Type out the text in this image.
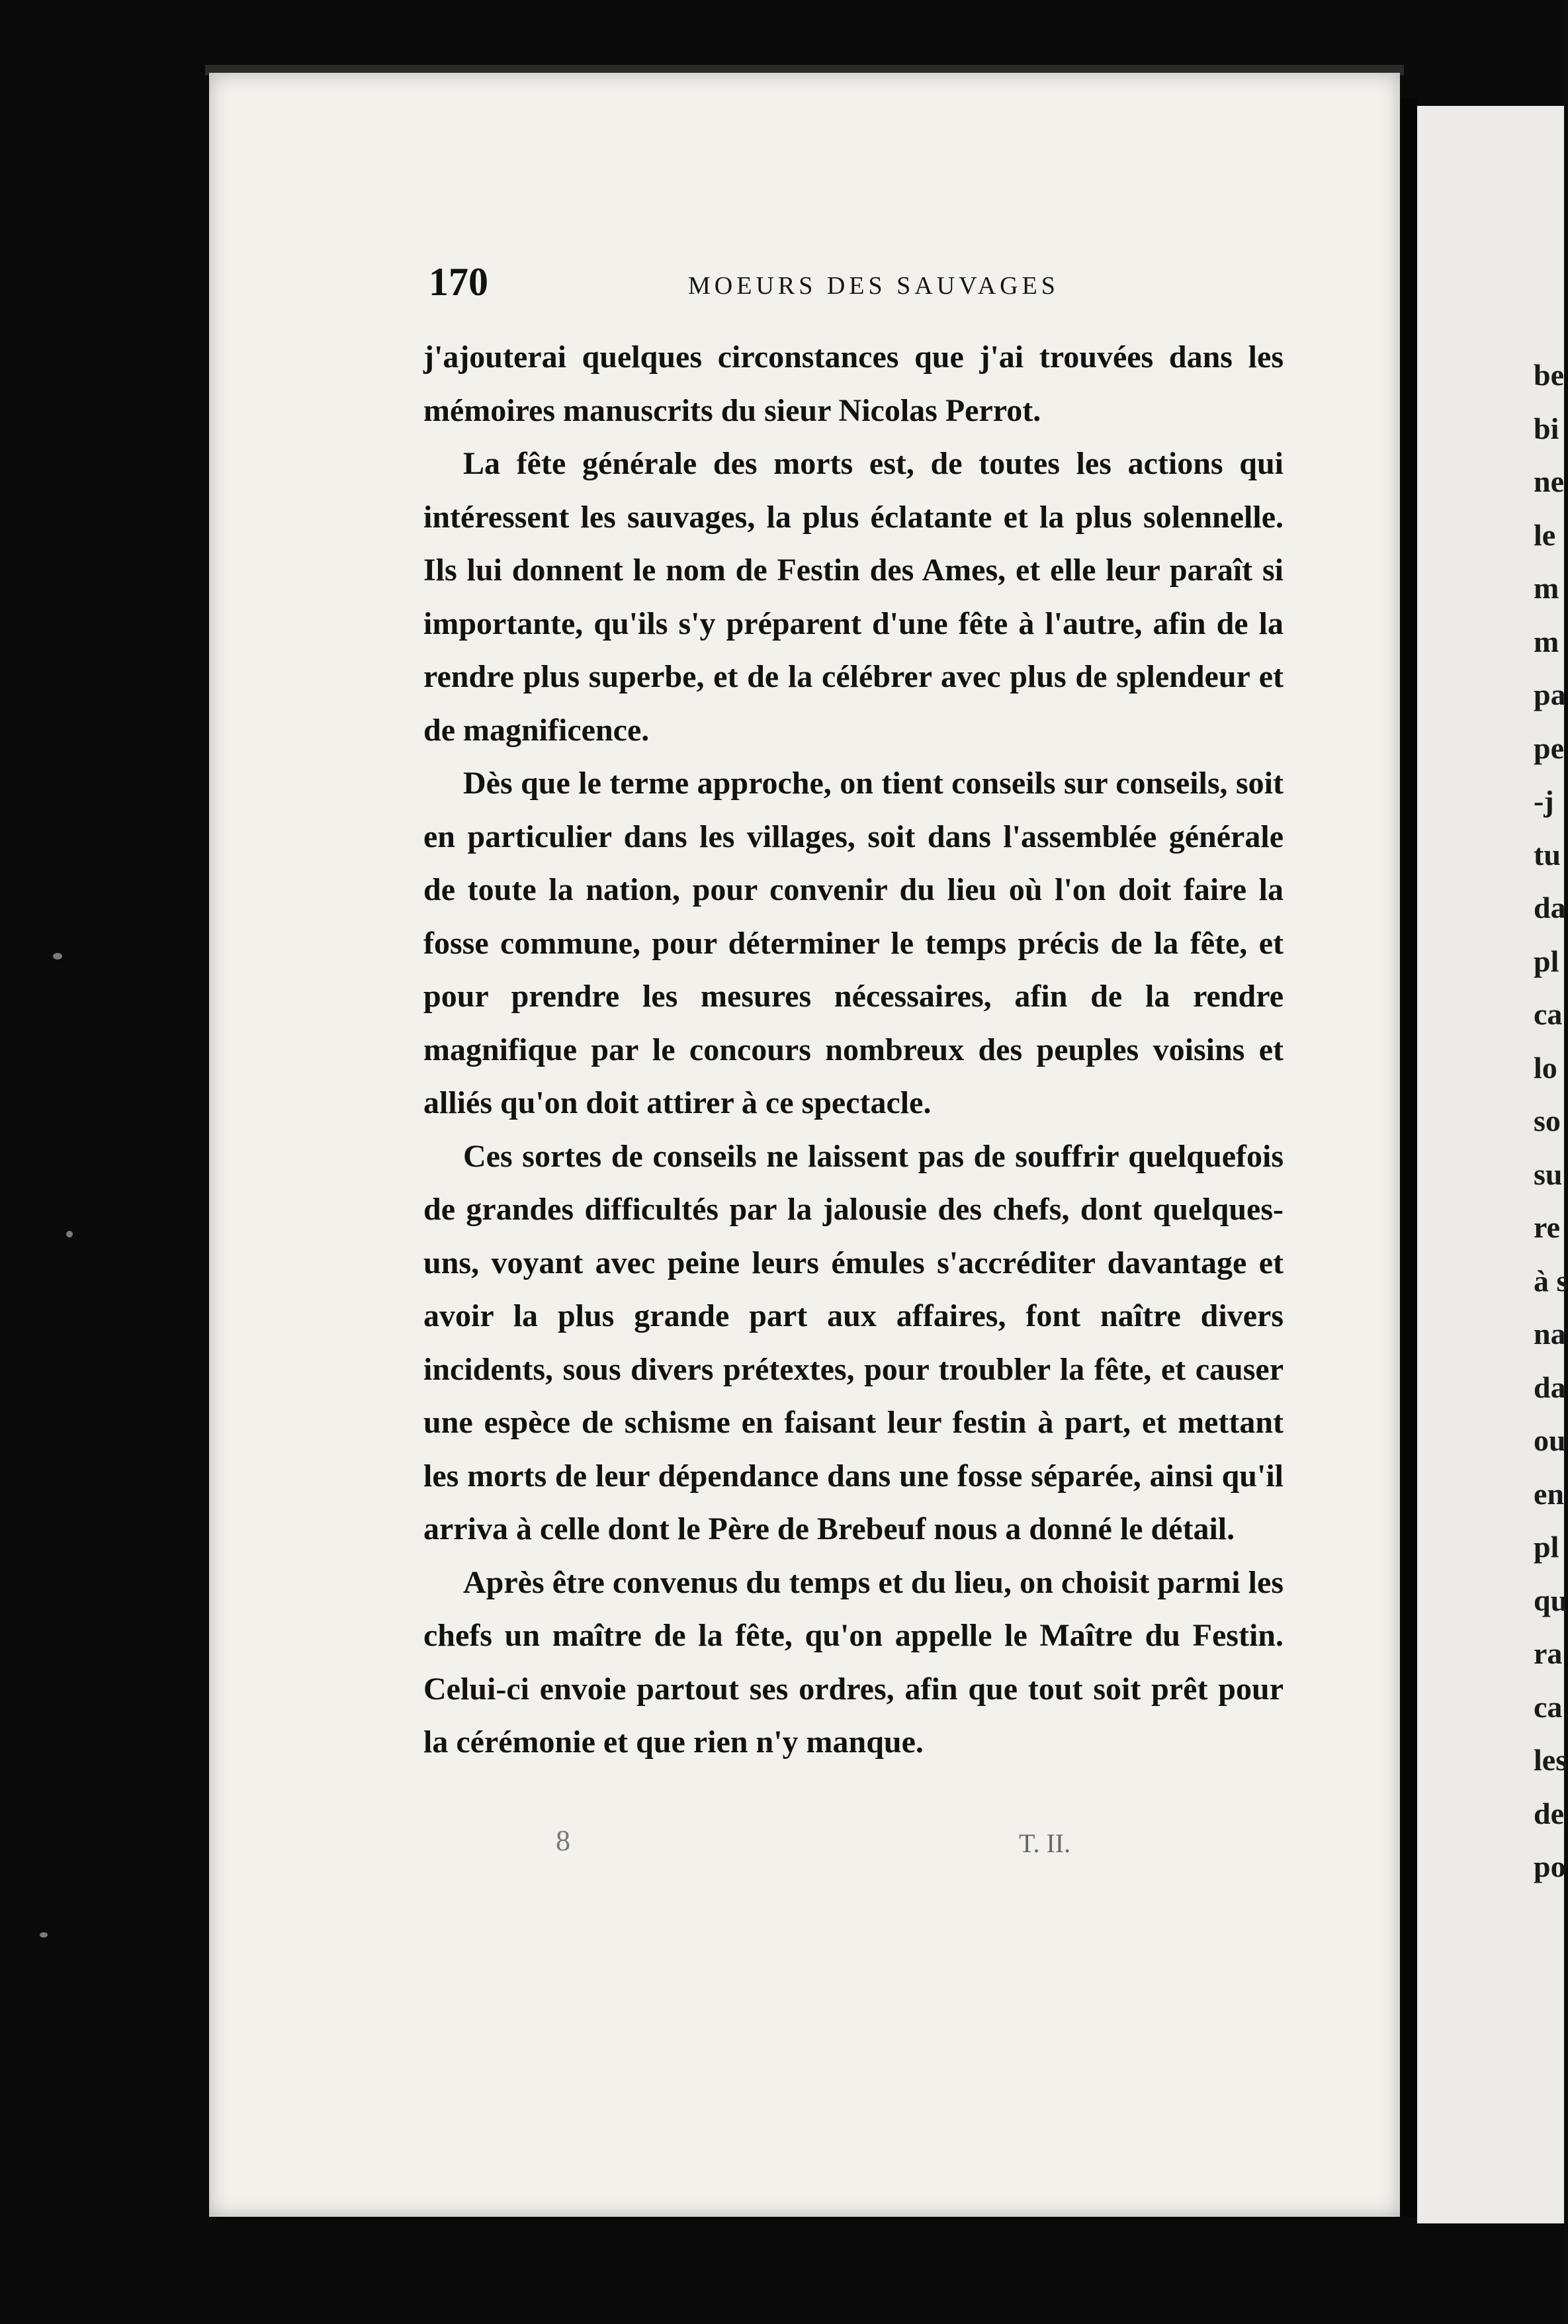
170	MOEURS DES SAUVAGES

j'ajouterai quelques circonstances que j'ai trouvées dans les mémoires manuscrits du sieur Nicolas Perrot.

La fête générale des morts est, de toutes les actions qui intéressent les sauvages, la plus éclatante et la plus solennelle. Ils lui donnent le nom de Festin des Ames, et elle leur paraît si importante, qu'ils s'y préparent d'une fête à l'autre, afin de la rendre plus superbe, et de la célébrer avec plus de splendeur et de magnificence.

Dès que le terme approche, on tient conseils sur conseils, soit en particulier dans les villages, soit dans l'assemblée générale de toute la nation, pour convenir du lieu où l'on doit faire la fosse commune, pour déterminer le temps précis de la fête, et pour prendre les mesures nécessaires, afin de la rendre magnifique par le concours nombreux des peuples voisins et alliés qu'on doit attirer à ce spectacle.

Ces sortes de conseils ne laissent pas de souffrir quelquefois de grandes difficultés par la jalousie des chefs, dont quelques-uns, voyant avec peine leurs émules s'accréditer davantage et avoir la plus grande part aux affaires, font naître divers incidents, sous divers prétextes, pour troubler la fête, et causer une espèce de schisme en faisant leur festin à part, et mettant les morts de leur dépendance dans une fosse séparée, ainsi qu'il arriva à celle dont le Père de Brebeuf nous a donné le détail.

Après être convenus du temps et du lieu, on choisit parmi les chefs un maître de la fête, qu'on appelle le Maître du Festin. Celui-ci envoie partout ses ordres, afin que tout soit prêt pour la cérémonie et que rien n'y manque.

8	T. II.
be
bi
ne
le
m
m
pa
pe
-j
tu
da
pl
ca
lo
so
su
re
à s
na
da
ou
en
pl
qu
ra
ca
les
de
po
